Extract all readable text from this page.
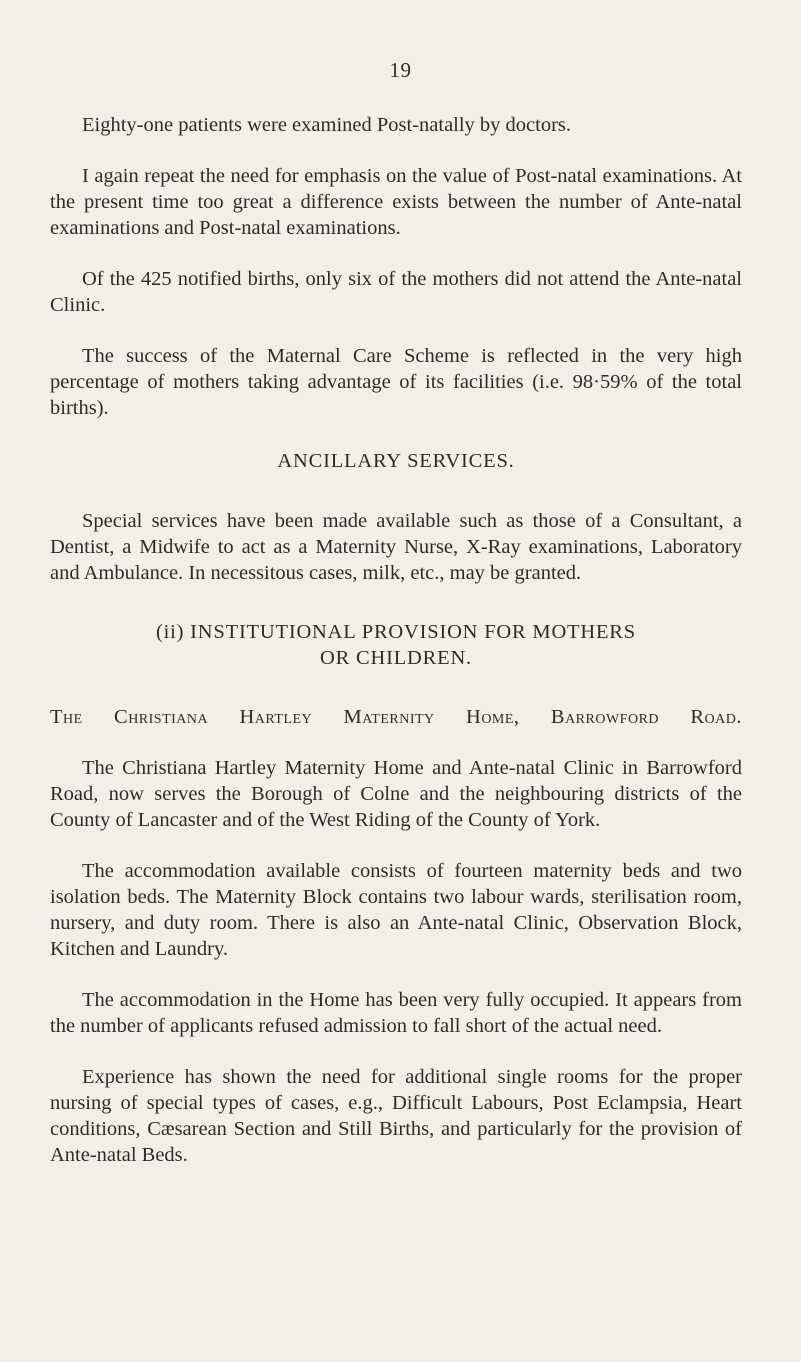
19

Eighty-one patients were examined Post-natally by doctors.

I again repeat the need for emphasis on the value of Post-natal examinations. At the present time too great a difference exists between the number of Ante-natal examinations and Post-natal examinations.

Of the 425 notified births, only six of the mothers did not attend the Ante-natal Clinic.

The success of the Maternal Care Scheme is reflected in the very high percentage of mothers taking advantage of its facilities (i.e. 98·59% of the total births).

ANCILLARY SERVICES.

Special services have been made available such as those of a Consultant, a Dentist, a Midwife to act as a Maternity Nurse, X-Ray examinations, Laboratory and Ambulance. In necessitous cases, milk, etc., may be granted.

(ii) INSTITUTIONAL PROVISION FOR MOTHERS
OR CHILDREN.
The Christiana Hartley Maternity Home, Barrowford Road.

The Christiana Hartley Maternity Home and Ante-natal Clinic in Barrowford Road, now serves the Borough of Colne and the neighbouring districts of the County of Lancaster and of the West Riding of the County of York.

The accommodation available consists of fourteen maternity beds and two isolation beds. The Maternity Block contains two labour wards, sterilisation room, nursery, and duty room. There is also an Ante-natal Clinic, Observation Block, Kitchen and Laundry.

The accommodation in the Home has been very fully occupied. It appears from the number of applicants refused admission to fall short of the actual need.

Experience has shown the need for additional single rooms for the proper nursing of special types of cases, e.g., Difficult Labours, Post Eclampsia, Heart conditions, Cæsarean Section and Still Births, and particularly for the provision of Ante-natal Beds.
